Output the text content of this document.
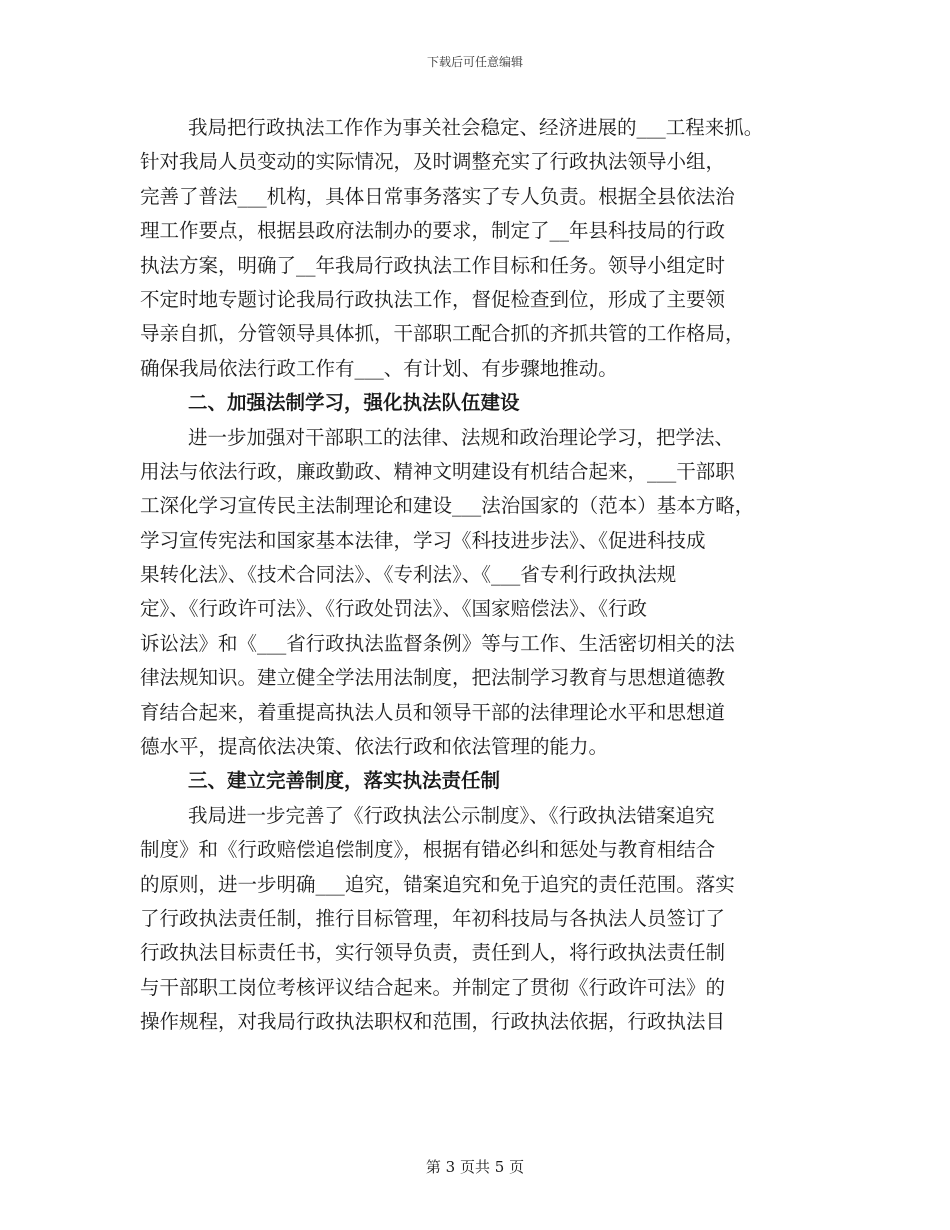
下载后可任意编辑
我局把行政执法工作作为事关社会稳定、经济进展的___工程来抓。
针对我局人员变动的实际情况，及时调整充实了行政执法领导小组，
完善了普法___机构，具体日常事务落实了专人负责。根据全县依法治
理工作要点，根据县政府法制办的要求，制定了__年县科技局的行政
执法方案，明确了__年我局行政执法工作目标和任务。领导小组定时
不定时地专题讨论我局行政执法工作，督促检查到位，形成了主要领
导亲自抓，分管领导具体抓，干部职工配合抓的齐抓共管的工作格局，
确保我局依法行政工作有___、有计划、有步骤地推动。
二、加强法制学习，强化执法队伍建设
进一步加强对干部职工的法律、法规和政治理论学习，把学法、
用法与依法行政，廉政勤政、精神文明建设有机结合起来，___干部职
工深化学习宣传民主法制理论和建设___法治国家的（范本）基本方略，
学习宣传宪法和国家基本法律，学习《科技进步法》、《促进科技成
果转化法》、《技术合同法》、《专利法》、《___省专利行政执法规
定》、《行政许可法》、《行政处罚法》、《国家赔偿法》、《行政
诉讼法》和《___省行政执法监督条例》等与工作、生活密切相关的法
律法规知识。建立健全学法用法制度，把法制学习教育与思想道德教
育结合起来，着重提高执法人员和领导干部的法律理论水平和思想道
德水平，提高依法决策、依法行政和依法管理的能力。
三、建立完善制度，落实执法责任制
我局进一步完善了《行政执法公示制度》、《行政执法错案追究
制度》和《行政赔偿追偿制度》，根据有错必纠和惩处与教育相结合
的原则，进一步明确___追究，错案追究和免于追究的责任范围。落实
了行政执法责任制，推行目标管理，年初科技局与各执法人员签订了
行政执法目标责任书，实行领导负责，责任到人，将行政执法责任制
与干部职工岗位考核评议结合起来。并制定了贯彻《行政许可法》的
操作规程，对我局行政执法职权和范围，行政执法依据，行政执法目
第 3 页共 5 页
